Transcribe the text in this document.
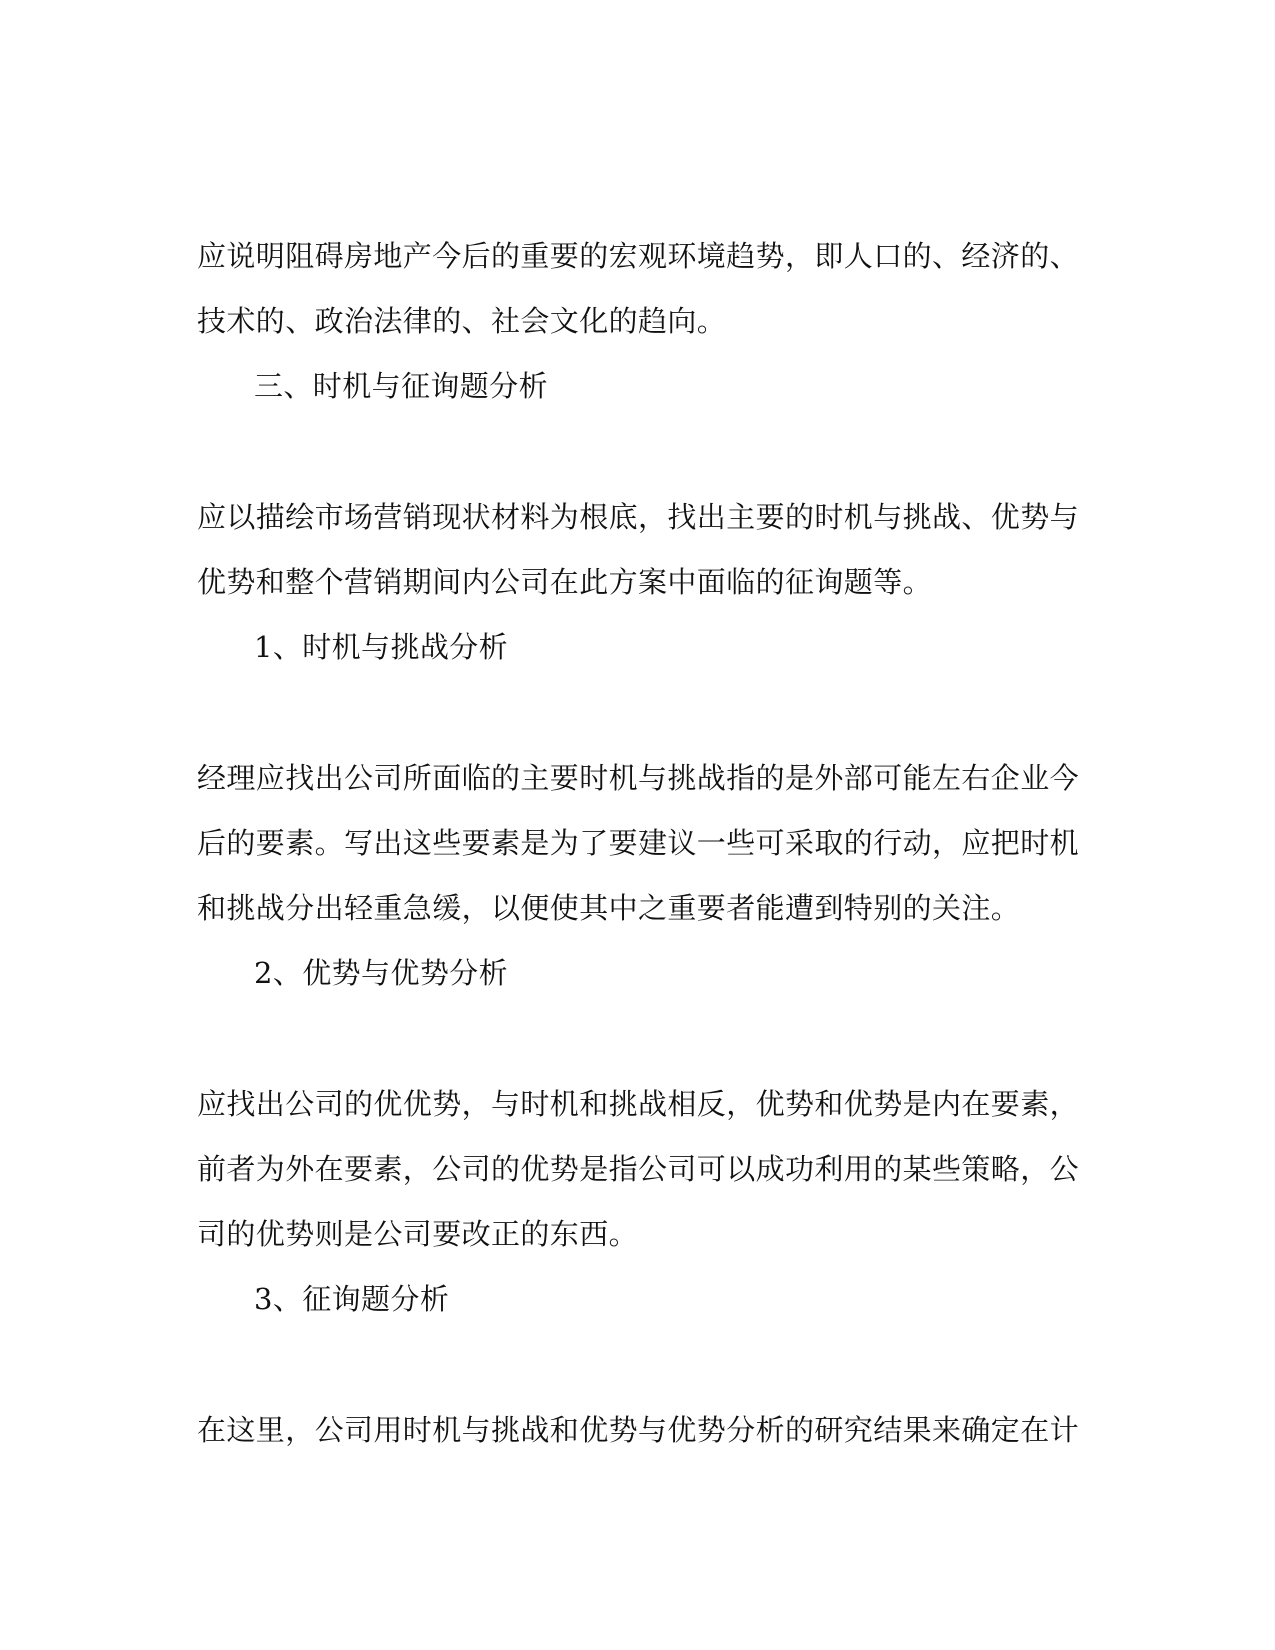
应说明阻碍房地产今后的重要的宏观环境趋势，即人口的、经济的、
技术的、政治法律的、社会文化的趋向。
三、时机与征询题分析
应以描绘市场营销现状材料为根底，找出主要的时机与挑战、优势与
优势和整个营销期间内公司在此方案中面临的征询题等。
1、时机与挑战分析
经理应找出公司所面临的主要时机与挑战指的是外部可能左右企业今
后的要素。写出这些要素是为了要建议一些可采取的行动，应把时机
和挑战分出轻重急缓，以便使其中之重要者能遭到特别的关注。
2、优势与优势分析
应找出公司的优优势，与时机和挑战相反，优势和优势是内在要素，
前者为外在要素，公司的优势是指公司可以成功利用的某些策略，公
司的优势则是公司要改正的东西。
3、征询题分析
在这里，公司用时机与挑战和优势与优势分析的研究结果来确定在计
